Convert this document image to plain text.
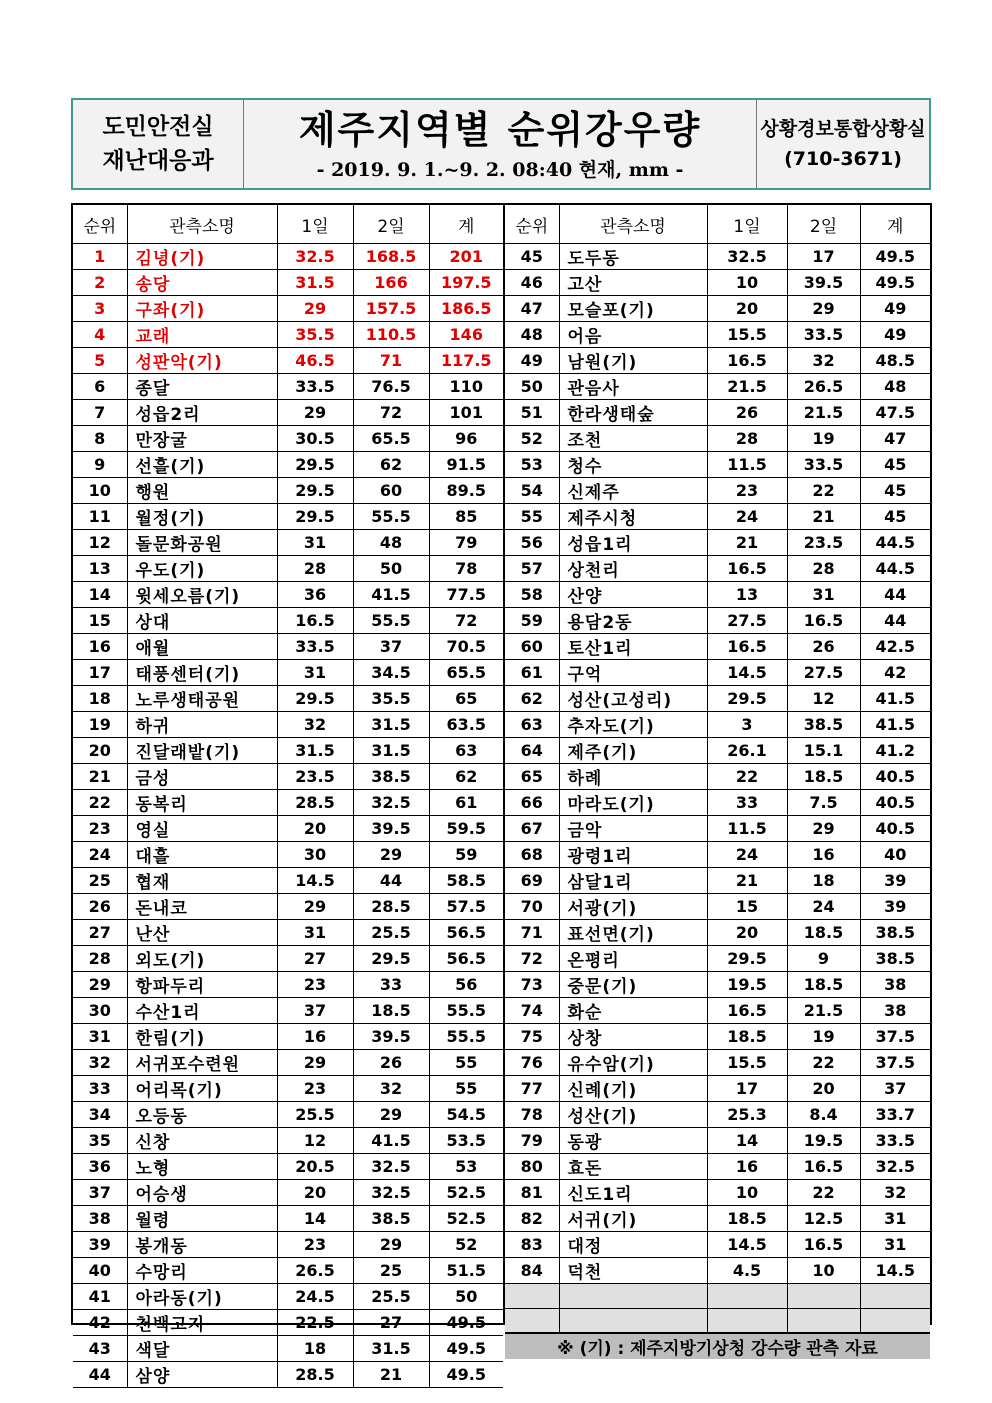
도민안전실
재난대응과
제주지역별 순위강우량
- 2019. 9. 1.~9. 2. 08:40 현재, mm -
상황경보통합상황실
(710-3671)
순위	관측소명	1일	2일	계
1	김녕(기)	32.5	168.5	201
2	송당	31.5	166	197.5
3	구좌(기)	29	157.5	186.5
4	교래	35.5	110.5	146
5	성판악(기)	46.5	71	117.5
6	종달	33.5	76.5	110
7	성읍2리	29	72	101
8	만장굴	30.5	65.5	96
9	선흘(기)	29.5	62	91.5
10	행원	29.5	60	89.5
11	월정(기)	29.5	55.5	85
12	돌문화공원	31	48	79
13	우도(기)	28	50	78
14	윗세오름(기)	36	41.5	77.5
15	상대	16.5	55.5	72
16	애월	33.5	37	70.5
17	태풍센터(기)	31	34.5	65.5
18	노루생태공원	29.5	35.5	65
19	하귀	32	31.5	63.5
20	진달래밭(기)	31.5	31.5	63
21	금성	23.5	38.5	62
22	동복리	28.5	32.5	61
23	영실	20	39.5	59.5
24	대흘	30	29	59
25	협재	14.5	44	58.5
26	돈내코	29	28.5	57.5
27	난산	31	25.5	56.5
28	외도(기)	27	29.5	56.5
29	항파두리	23	33	56
30	수산1리	37	18.5	55.5
31	한림(기)	16	39.5	55.5
32	서귀포수련원	29	26	55
33	어리목(기)	23	32	55
34	오등동	25.5	29	54.5
35	신창	12	41.5	53.5
36	노형	20.5	32.5	53
37	어승생	20	32.5	52.5
38	월령	14	38.5	52.5
39	봉개동	23	29	52
40	수망리	26.5	25	51.5
41	아라동(기)	24.5	25.5	50
42	천백고지	22.5	27	49.5
43	색달	18	31.5	49.5
44	삼양	28.5	21	49.5
순위	관측소명	1일	2일	계
45	도두동	32.5	17	49.5
46	고산	10	39.5	49.5
47	모슬포(기)	20	29	49
48	어음	15.5	33.5	49
49	남원(기)	16.5	32	48.5
50	관음사	21.5	26.5	48
51	한라생태숲	26	21.5	47.5
52	조천	28	19	47
53	청수	11.5	33.5	45
54	신제주	23	22	45
55	제주시청	24	21	45
56	성읍1리	21	23.5	44.5
57	상천리	16.5	28	44.5
58	산양	13	31	44
59	용담2동	27.5	16.5	44
60	토산1리	16.5	26	42.5
61	구억	14.5	27.5	42
62	성산(고성리)	29.5	12	41.5
63	추자도(기)	3	38.5	41.5
64	제주(기)	26.1	15.1	41.2
65	하례	22	18.5	40.5
66	마라도(기)	33	7.5	40.5
67	금악	11.5	29	40.5
68	광령1리	24	16	40
69	삼달1리	21	18	39
70	서광(기)	15	24	39
71	표선면(기)	20	18.5	38.5
72	온평리	29.5	9	38.5
73	중문(기)	19.5	18.5	38
74	화순	16.5	21.5	38
75	상창	18.5	19	37.5
76	유수암(기)	15.5	22	37.5
77	신례(기)	17	20	37
78	성산(기)	25.3	8.4	33.7
79	동광	14	19.5	33.5
80	효돈	16	16.5	32.5
81	신도1리	10	22	32
82	서귀(기)	18.5	12.5	31
83	대정	14.5	16.5	31
84	덕천	4.5	10	14.5

※ (기) : 제주지방기상청 강수량 관측 자료
